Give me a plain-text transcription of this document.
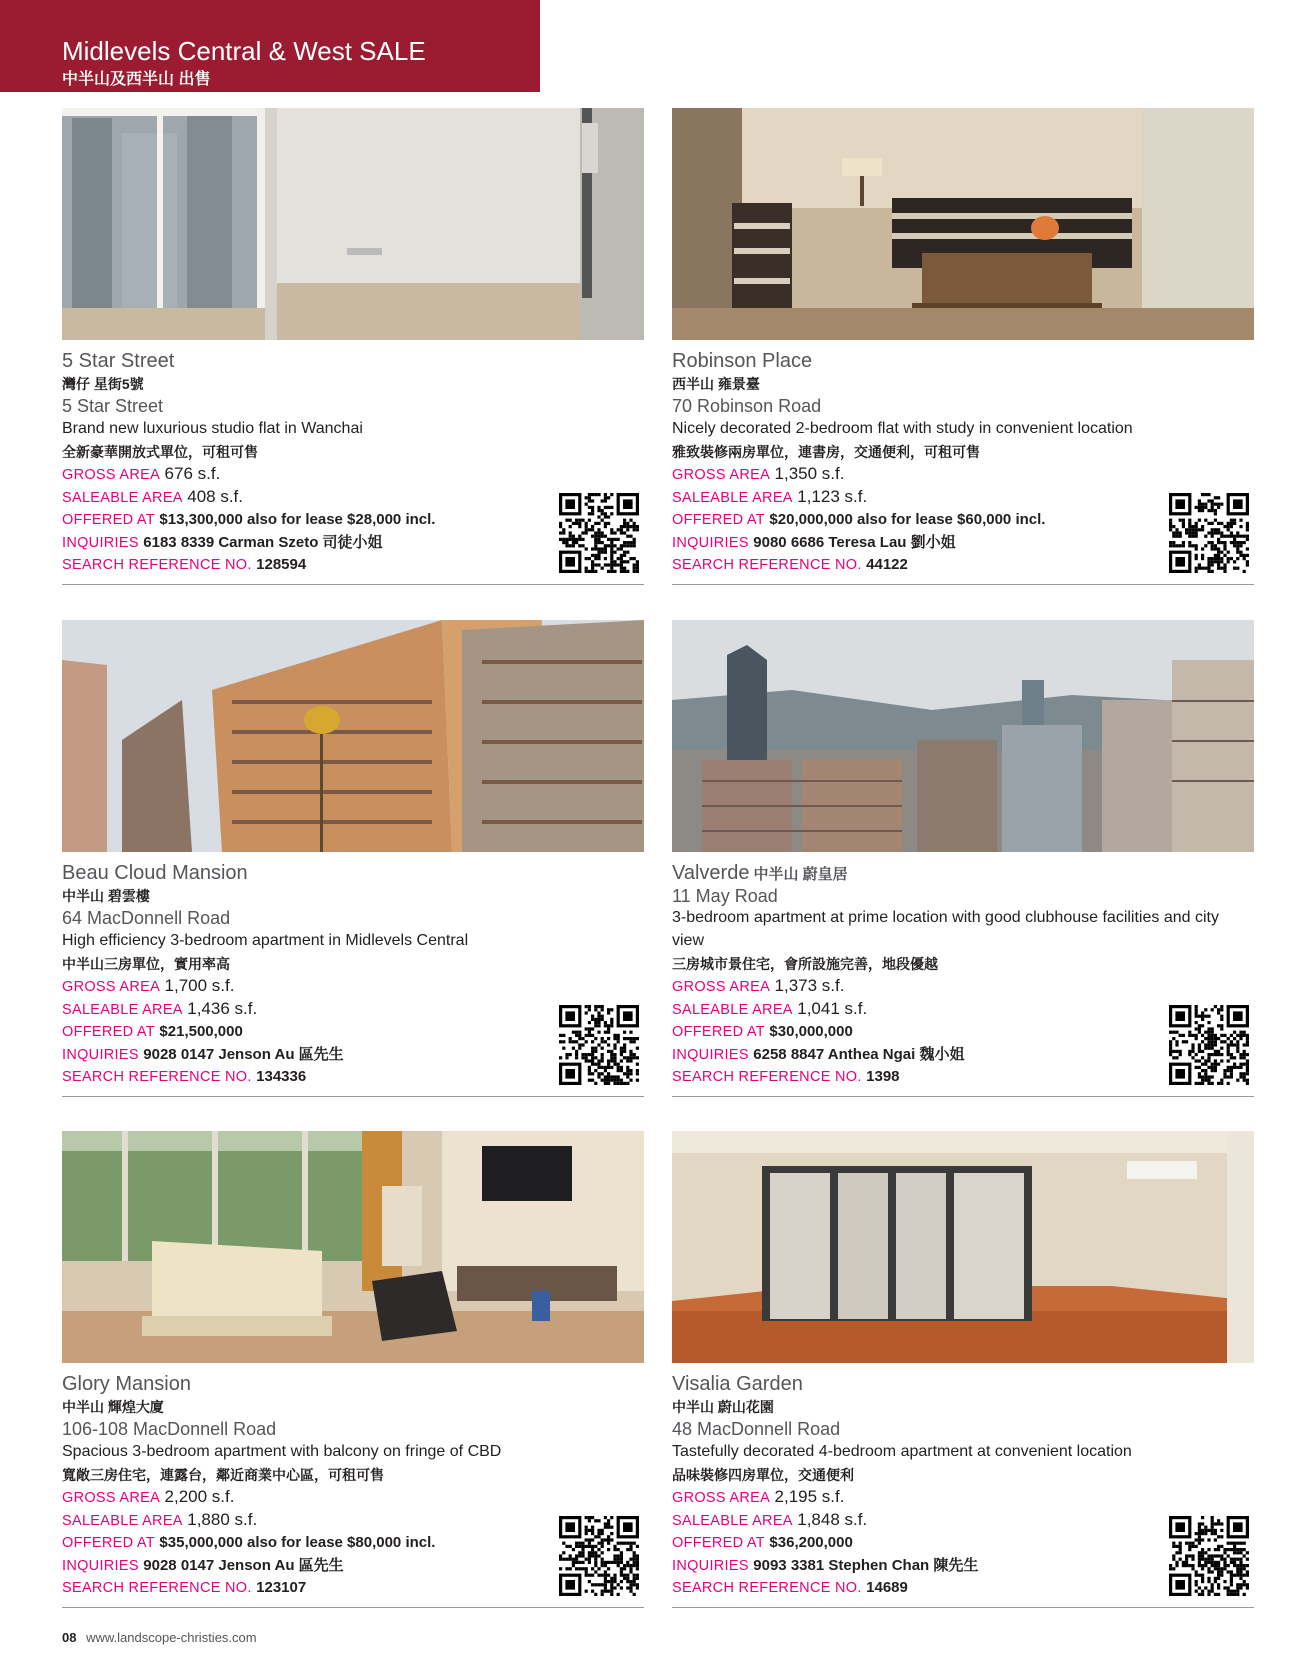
Midlevels Central & West SALE
中半山及西半山 出售
5 Star Street
灣仔 星街5號
5 Star Street
Brand new luxurious studio flat in Wanchai
全新豪華開放式單位，可租可售
GROSS AREA 676 s.f.
SALEABLE AREA 408 s.f.
OFFERED AT $13,300,000 also for lease $28,000 incl.
INQUIRIES 6183 8339 Carman Szeto 司徒小姐
SEARCH REFERENCE NO. 128594
Robinson Place
西半山 雍景臺
70 Robinson Road
Nicely decorated 2-bedroom flat with study in convenient location
雅致裝修兩房單位，連書房，交通便利，可租可售
GROSS AREA 1,350 s.f.
SALEABLE AREA 1,123 s.f.
OFFERED AT $20,000,000 also for lease $60,000 incl.
INQUIRIES 9080 6686 Teresa Lau 劉小姐
SEARCH REFERENCE NO. 44122
Beau Cloud Mansion
中半山 碧雲樓
64 MacDonnell Road
High efficiency 3-bedroom apartment in Midlevels Central
中半山三房單位，實用率高
GROSS AREA 1,700 s.f.
SALEABLE AREA 1,436 s.f.
OFFERED AT $21,500,000
INQUIRIES 9028 0147 Jenson Au 區先生
SEARCH REFERENCE NO. 134336
Valverde 中半山 蔚皇居
11 May Road
3-bedroom apartment at prime location with good clubhouse facilities and city view
三房城市景住宅，會所設施完善，地段優越
GROSS AREA 1,373 s.f.
SALEABLE AREA 1,041 s.f.
OFFERED AT $30,000,000
INQUIRIES 6258 8847 Anthea Ngai 魏小姐
SEARCH REFERENCE NO. 1398
Glory Mansion
中半山 輝煌大廈
106-108 MacDonnell Road
Spacious 3-bedroom apartment with balcony on fringe of CBD
寬敞三房住宅，連露台，鄰近商業中心區，可租可售
GROSS AREA 2,200 s.f.
SALEABLE AREA 1,880 s.f.
OFFERED AT $35,000,000 also for lease $80,000 incl.
INQUIRIES 9028 0147 Jenson Au 區先生
SEARCH REFERENCE NO. 123107
Visalia Garden
中半山 蔚山花園
48 MacDonnell Road
Tastefully decorated 4-bedroom apartment at convenient location
品味裝修四房單位，交通便利
GROSS AREA 2,195 s.f.
SALEABLE AREA 1,848 s.f.
OFFERED AT $36,200,000
INQUIRIES 9093 3381 Stephen Chan 陳先生
SEARCH REFERENCE NO. 14689
08 www.landscope-christies.com
